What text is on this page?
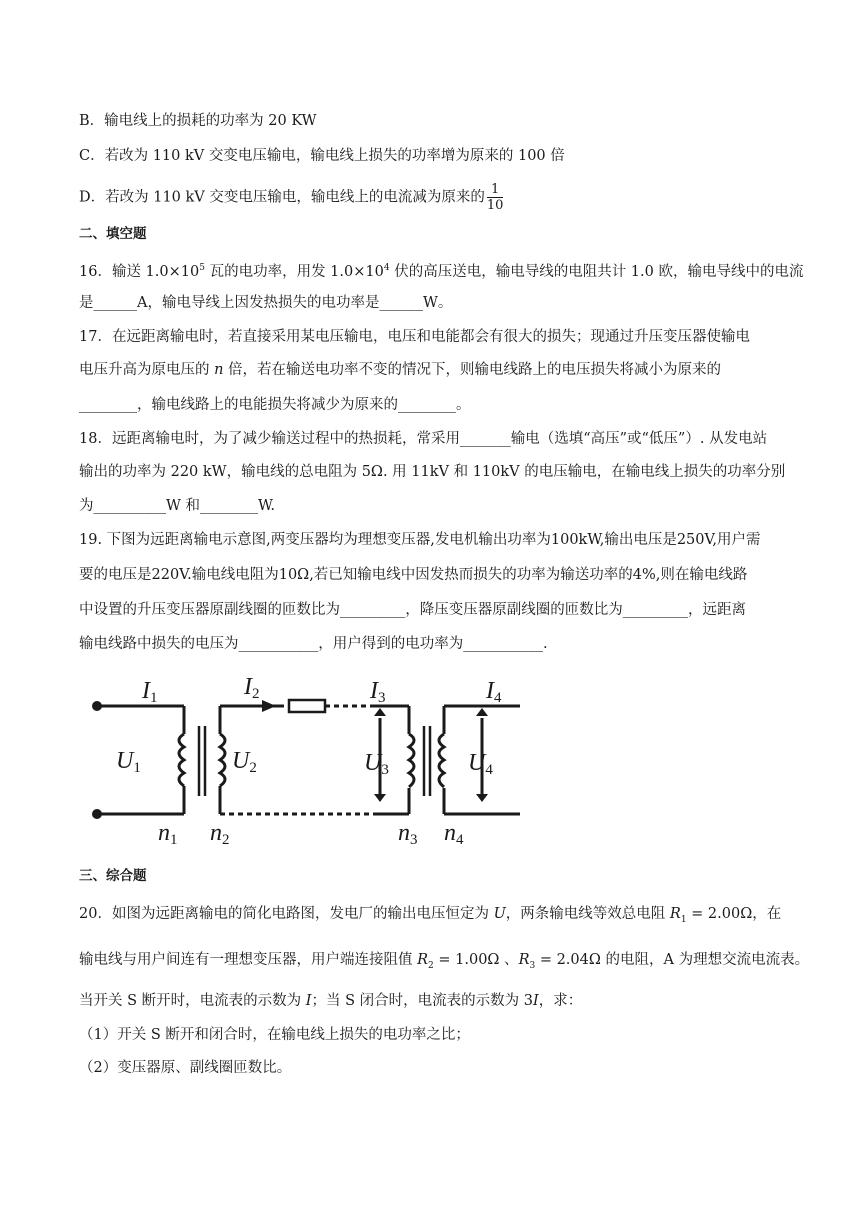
B．输电线上的损耗的功率为 20 KW
C．若改为 110 kV 交变电压输电，输电线上损失的功率增为原来的 100 倍
D．若改为 110 kV 交变电压输电，输电线上的电流减为原来的 $\frac{1}{10}$
二、填空题
16．输送 $1.0\times 10^5$ 瓦的电功率，用发 $1.0\times 10^4$ 伏的高压送电，输电导线的电阻共计 1.0 欧，输电导线中的电流
是______A，输电导线上因发热损失的电功率是______W。
17．在远距离输电时，若直接采用某电压输电，电压和电能都会有很大的损失；现通过升压变压器使输电
电压升高为原电压的 n 倍，若在输送电功率不变的情况下，则输电线路上的电压损失将减小为原来的
________，输电线路上的电能损失将减少为原来的________。
18．远距离输电时，为了减少输送过程中的热损耗，常采用_______输电（选填“高压”或“低压”）. 从发电站
输出的功率为 220 kW，输电线的总电阻为 5Ω. 用 11kV 和 110kV 的电压输电，在输电线上损失的功率分别
为__________W 和________W.
19. 下图为远距离输电示意图,两变压器均为理想变压器,发电机输出功率为100kW,输出电压是250V,用户需
要的电压是220V.输电线电阻为10Ω,若已知输电线中因发热而损失的功率为输送功率的4%,则在输电线路
中设置的升压变压器原副线圈的匝数比为_________，降压变压器原副线圈的匝数比为_________，远距离
输电线路中损失的电压为___________，用户得到的电功率为___________.
I1	I2	I3	I4
U1	U2	U3	U4
n1 n2	n3 n4
三、综合题
20．如图为远距离输电的简化电路图，发电厂的输出电压恒定为 U，两条输电线等效总电阻 $R_1 = 2.00\Omega$，在
输电线与用户间连有一理想变压器，用户端连接阻值 $R_2 = 1.00\Omega$ 、$R_3 = 2.04\Omega$ 的电阻，A 为理想交流电流表。
当开关 S 断开时，电流表的示数为 I；当 S 闭合时，电流表的示数为 3I，求：
（1）开关 S 断开和闭合时，在输电线上损失的电功率之比；
（2）变压器原、副线圈匝数比。
